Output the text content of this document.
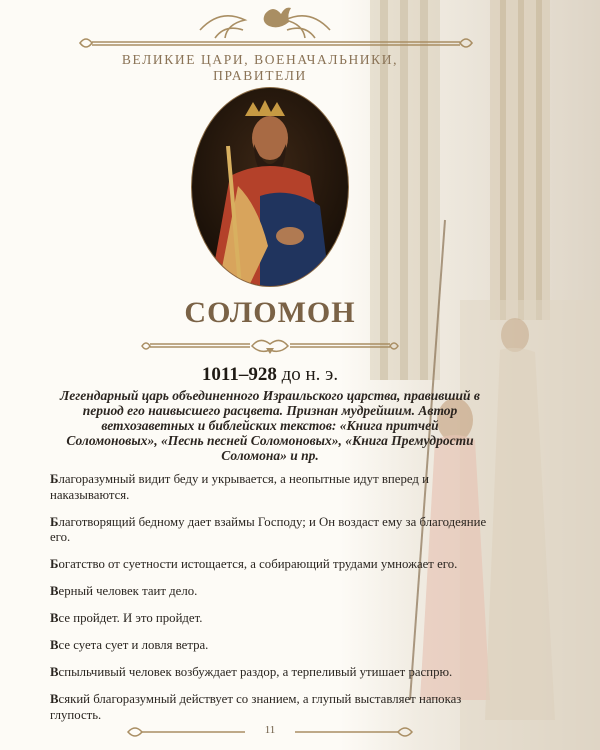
ВЕЛИКИЕ ЦАРИ, ВОЕНАЧАЛЬНИКИ, ПРАВИТЕЛИ
СОЛОМОН
1011–928 до н. э.
Легендарный царь объединенного Израильского царства, правивший в период его наивысшего расцвета. Признан мудрейшим. Автор ветхозаветных и библейских текстов: «Книга притчей Соломоновых», «Песнь песней Соломоновых», «Книга Премудрости Соломона» и пр.

Благоразумный видит беду и укрывается, а неопытные идут вперед и наказываются.

Благотворящий бедному дает взаймы Господу; и Он воздаст ему за благодеяние его.

Богатство от суетности истощается, а собирающий трудами умножает его.

Верный человек таит дело.

Все пройдет. И это пройдет.

Все суета сует и ловля ветра.

Вспыльчивый человек возбуждает раздор, а терпеливый утишает распрю.

Всякий благоразумный действует со знанием, а глупый выставляет напоказ глупость.

11
